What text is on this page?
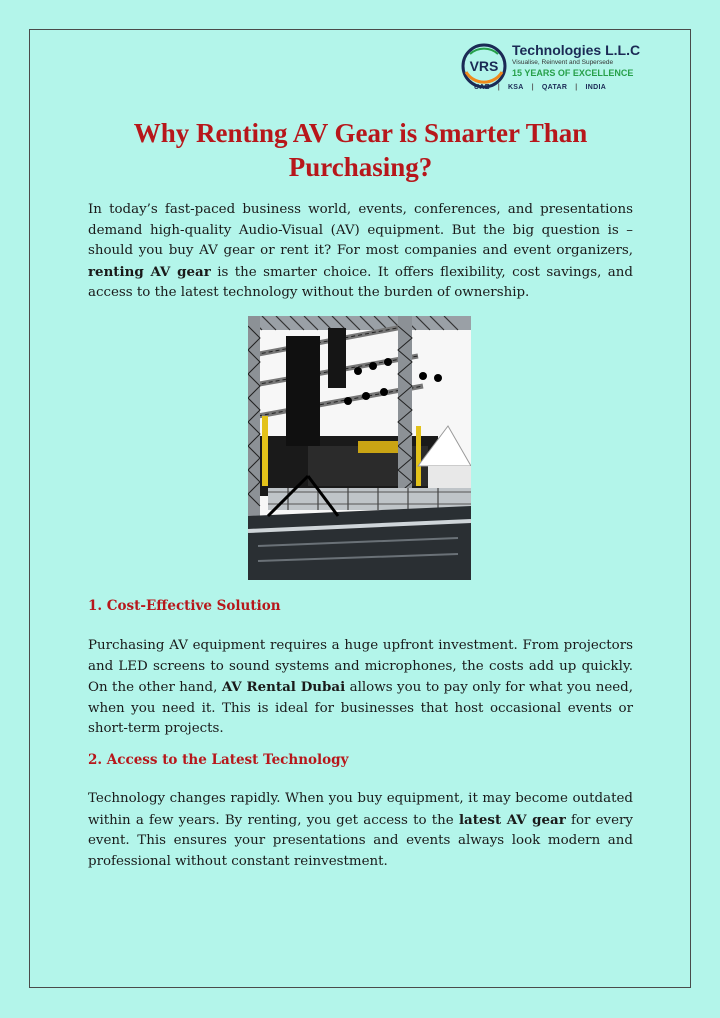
VRS
Technologies L.L.C
Visualise, Reinvent and Supersede
15 YEARS OF EXCELLENCE
UAE | KSA | QATAR | INDIA
Why Renting AV Gear is Smarter Than Purchasing?

In today’s fast-paced business world, events, conferences, and presentations demand high-quality Audio-Visual (AV) equipment. But the big question is – should you buy AV gear or rent it? For most companies and event organizers, renting AV gear is the smarter choice. It offers flexibility, cost savings, and access to the latest technology without the burden of ownership.

1. Cost-Effective Solution

Purchasing AV equipment requires a huge upfront investment. From projectors and LED screens to sound systems and microphones, the costs add up quickly. On the other hand, AV Rental Dubai allows you to pay only for what you need, when you need it. This is ideal for businesses that host occasional events or short-term projects.

2. Access to the Latest Technology

Technology changes rapidly. When you buy equipment, it may become outdated within a few years. By renting, you get access to the latest AV gear for every event. This ensures your presentations and events always look modern and professional without constant reinvestment.
